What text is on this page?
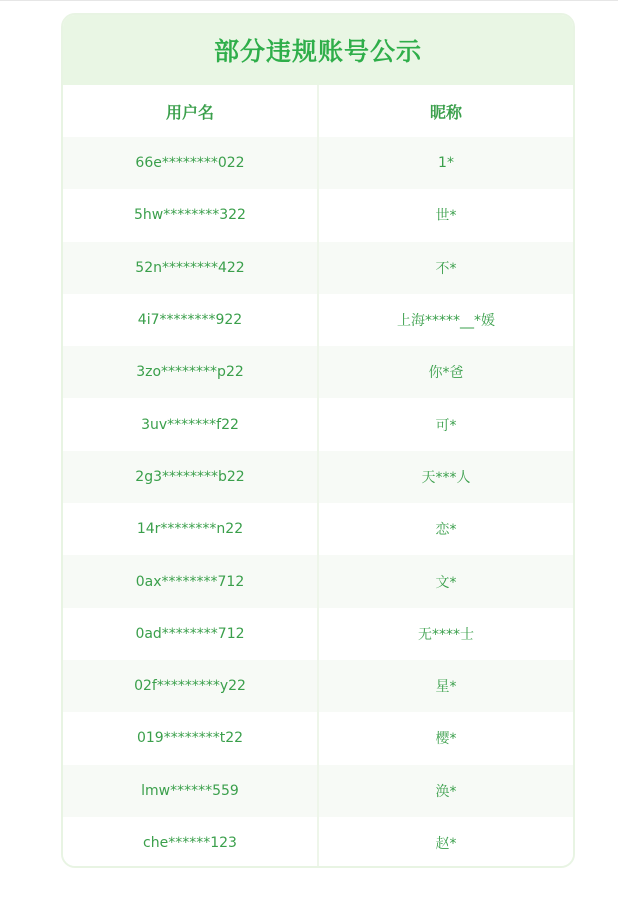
部分违规账号公示
用户名	昵称
66e********022	1*
5hw********322	世*
52n********422	不*
4i7********922	上海*****__*媛
3zo********p22	你*爸
3uv*******f22	可*
2g3********b22	天***人
14r********n22	恋*
0ax********712	文*
0ad********712	无****士
02f*********y22	星*
019********t22	樱*
lmw******559	涣*
che******123	赵*
